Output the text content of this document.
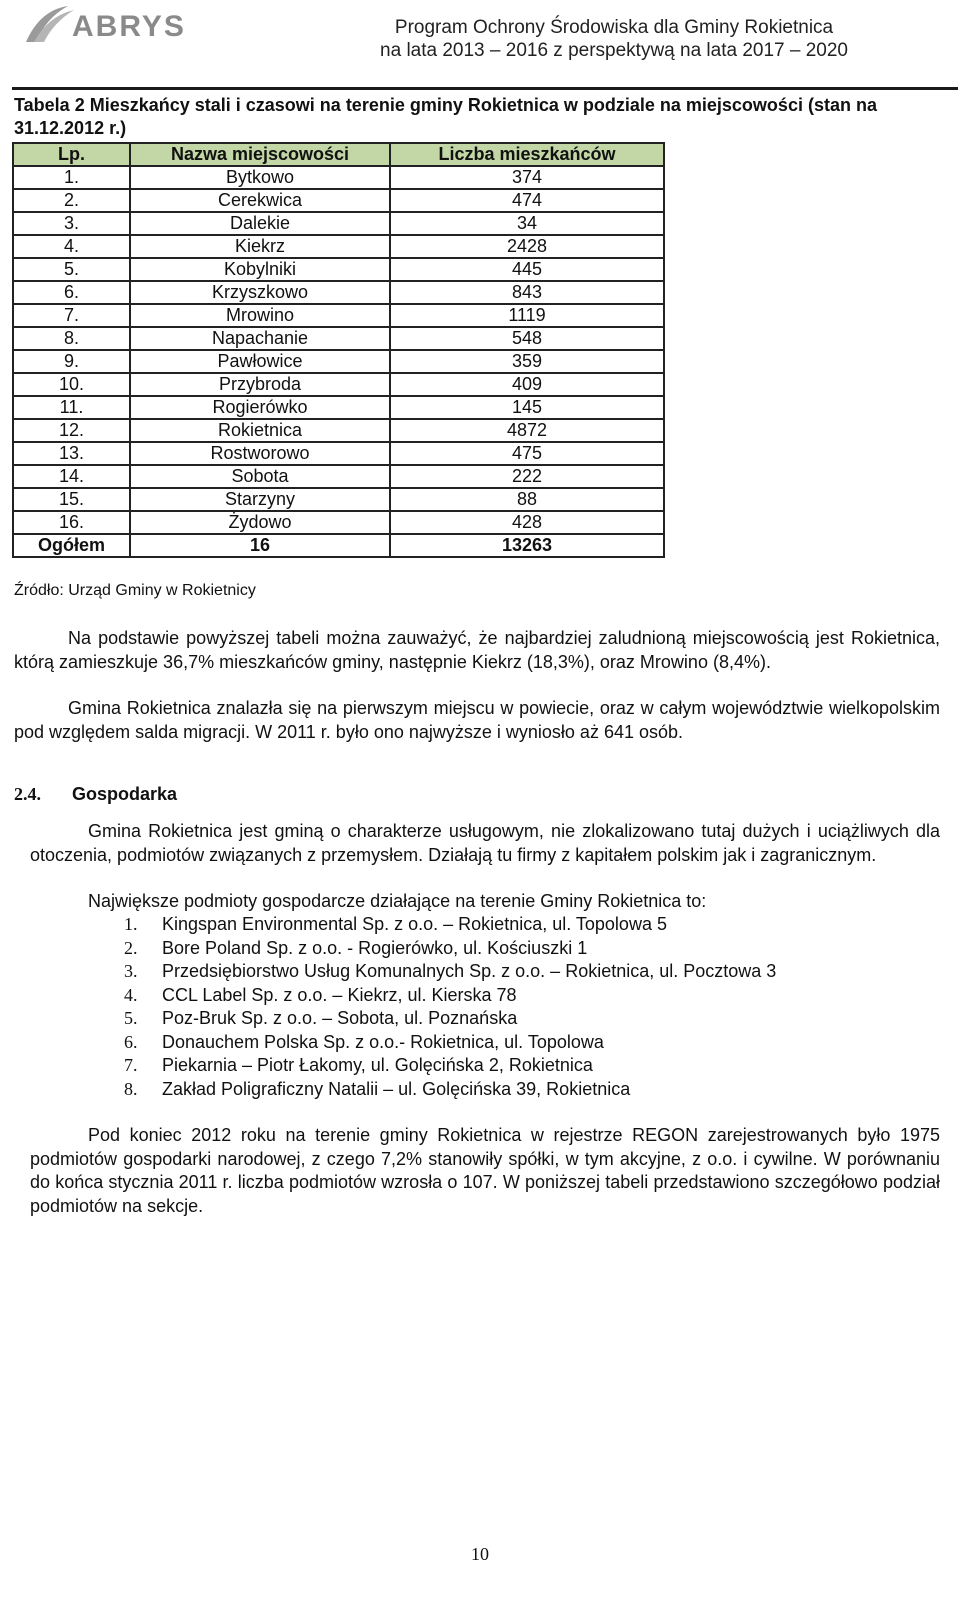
ABRYS	Program Ochrony Środowiska dla Gminy Rokietnica
na lata 2013 – 2016 z perspektywą na lata 2017 – 2020
Tabela 2 Mieszkańcy stali i czasowi na terenie gminy Rokietnica w podziale na miejscowości (stan na 31.12.2012 r.)
Lp.	Nazwa miejscowości	Liczba mieszkańców
1.	Bytkowo	374
2.	Cerekwica	474
3.	Dalekie	34
4.	Kiekrz	2428
5.	Kobylniki	445
6.	Krzyszkowo	843
7.	Mrowino	1119
8.	Napachanie	548
9.	Pawłowice	359
10.	Przybroda	409
11.	Rogierówko	145
12.	Rokietnica	4872
13.	Rostworowo	475
14.	Sobota	222
15.	Starzyny	88
16.	Żydowo	428
Ogółem	16	13263
Źródło: Urząd Gminy w Rokietnicy
Na podstawie powyższej tabeli można zauważyć, że najbardziej zaludnioną miejscowością jest Rokietnica, którą zamieszkuje 36,7% mieszkańców gminy, następnie Kiekrz (18,3%), oraz Mrowino (8,4%).
Gmina Rokietnica znalazła się na pierwszym miejscu w powiecie, oraz w całym województwie wielkopolskim pod względem salda migracji. W 2011 r. było ono najwyższe i wyniosło aż 641 osób.
2.4. Gospodarka
Gmina Rokietnica jest gminą o charakterze usługowym, nie zlokalizowano tutaj dużych i uciążliwych dla otoczenia, podmiotów związanych z przemysłem. Działają tu firmy z kapitałem polskim jak i zagranicznym.
Największe podmioty gospodarcze działające na terenie Gminy Rokietnica to:
1. Kingspan Environmental Sp. z o.o. – Rokietnica, ul. Topolowa 5
2. Bore Poland Sp. z o.o. - Rogierówko, ul. Kościuszki 1
3. Przedsiębiorstwo Usług Komunalnych Sp. z o.o. – Rokietnica, ul. Pocztowa 3
4. CCL Label Sp. z o.o. – Kiekrz, ul. Kierska 78
5. Poz-Bruk Sp. z o.o. – Sobota, ul. Poznańska
6. Donauchem Polska Sp. z o.o.- Rokietnica, ul. Topolowa
7. Piekarnia – Piotr Łakomy, ul. Golęcińska 2, Rokietnica
8. Zakład Poligraficzny Natalii – ul. Golęcińska 39, Rokietnica
Pod koniec 2012 roku na terenie gminy Rokietnica w rejestrze REGON zarejestrowanych było 1975 podmiotów gospodarki narodowej, z czego 7,2% stanowiły spółki, w tym akcyjne, z o.o. i cywilne. W porównaniu do końca stycznia 2011 r. liczba podmiotów wzrosła o 107. W poniższej tabeli przedstawiono szczegółowo podział podmiotów na sekcje.
10
